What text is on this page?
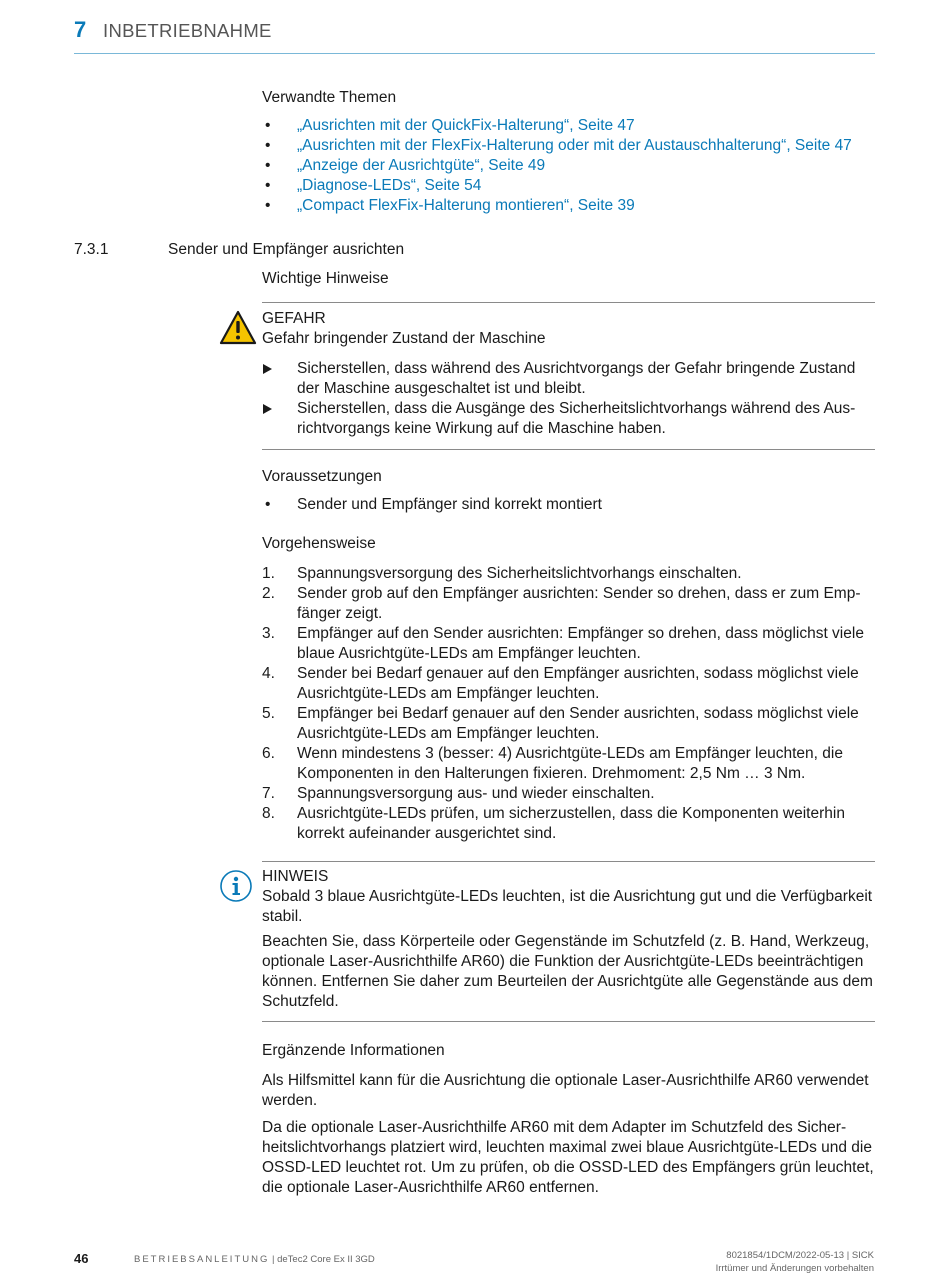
7 INBETRIEBNAHME
Verwandte Themen
• „Ausrichten mit der QuickFix-Halterung“, Seite 47
• „Ausrichten mit der FlexFix-Halterung oder mit der Austauschhalterung“, Seite 47
• „Anzeige der Ausrichtgüte“, Seite 49
• „Diagnose-LEDs“, Seite 54
• „Compact FlexFix-Halterung montieren“, Seite 39
7.3.1	Sender und Empfänger ausrichten
Wichtige Hinweise
GEFAHR
Gefahr bringender Zustand der Maschine
Sicherstellen, dass während des Ausrichtvorgangs der Gefahr bringende Zustand der Maschine ausgeschaltet ist und bleibt.
Sicherstellen, dass die Ausgänge des Sicherheitslichtvorhangs während des Ausrichtvorgangs keine Wirkung auf die Maschine haben.
Voraussetzungen
• Sender und Empfänger sind korrekt montiert
Vorgehensweise
1. Spannungsversorgung des Sicherheitslichtvorhangs einschalten.
2. Sender grob auf den Empfänger ausrichten: Sender so drehen, dass er zum Empfänger zeigt.
3. Empfänger auf den Sender ausrichten: Empfänger so drehen, dass möglichst viele blaue Ausrichtgüte-LEDs am Empfänger leuchten.
4. Sender bei Bedarf genauer auf den Empfänger ausrichten, sodass möglichst viele Ausrichtgüte-LEDs am Empfänger leuchten.
5. Empfänger bei Bedarf genauer auf den Sender ausrichten, sodass möglichst viele Ausrichtgüte-LEDs am Empfänger leuchten.
6. Wenn mindestens 3 (besser: 4) Ausrichtgüte-LEDs am Empfänger leuchten, die Komponenten in den Halterungen fixieren. Drehmoment: 2,5 Nm … 3 Nm.
7. Spannungsversorgung aus- und wieder einschalten.
8. Ausrichtgüte-LEDs prüfen, um sicherzustellen, dass die Komponenten weiterhin korrekt aufeinander ausgerichtet sind.
HINWEIS
Sobald 3 blaue Ausrichtgüte-LEDs leuchten, ist die Ausrichtung gut und die Verfügbarkeit stabil.
Beachten Sie, dass Körperteile oder Gegenstände im Schutzfeld (z. B. Hand, Werkzeug, optionale Laser-Ausrichthilfe AR60) die Funktion der Ausrichtgüte-LEDs beeinträchtigen können. Entfernen Sie daher zum Beurteilen der Ausrichtgüte alle Gegenstände aus dem Schutzfeld.
Ergänzende Informationen
Als Hilfsmittel kann für die Ausrichtung die optionale Laser-Ausrichthilfe AR60 verwendet werden.
Da die optionale Laser-Ausrichthilfe AR60 mit dem Adapter im Schutzfeld des Sicherheitslichtvorhangs platziert wird, leuchten maximal zwei blaue Ausrichtgüte-LEDs und die OSSD-LED leuchtet rot. Um zu prüfen, ob die OSSD-LED des Empfängers grün leuchtet, die optionale Laser-Ausrichthilfe AR60 entfernen.
46	BETRIEBSANLEITUNG | deTec2 Core Ex II 3GD	8021854/1DCM/2022-05-13 | SICK
Irrtümer und Änderungen vorbehalten
